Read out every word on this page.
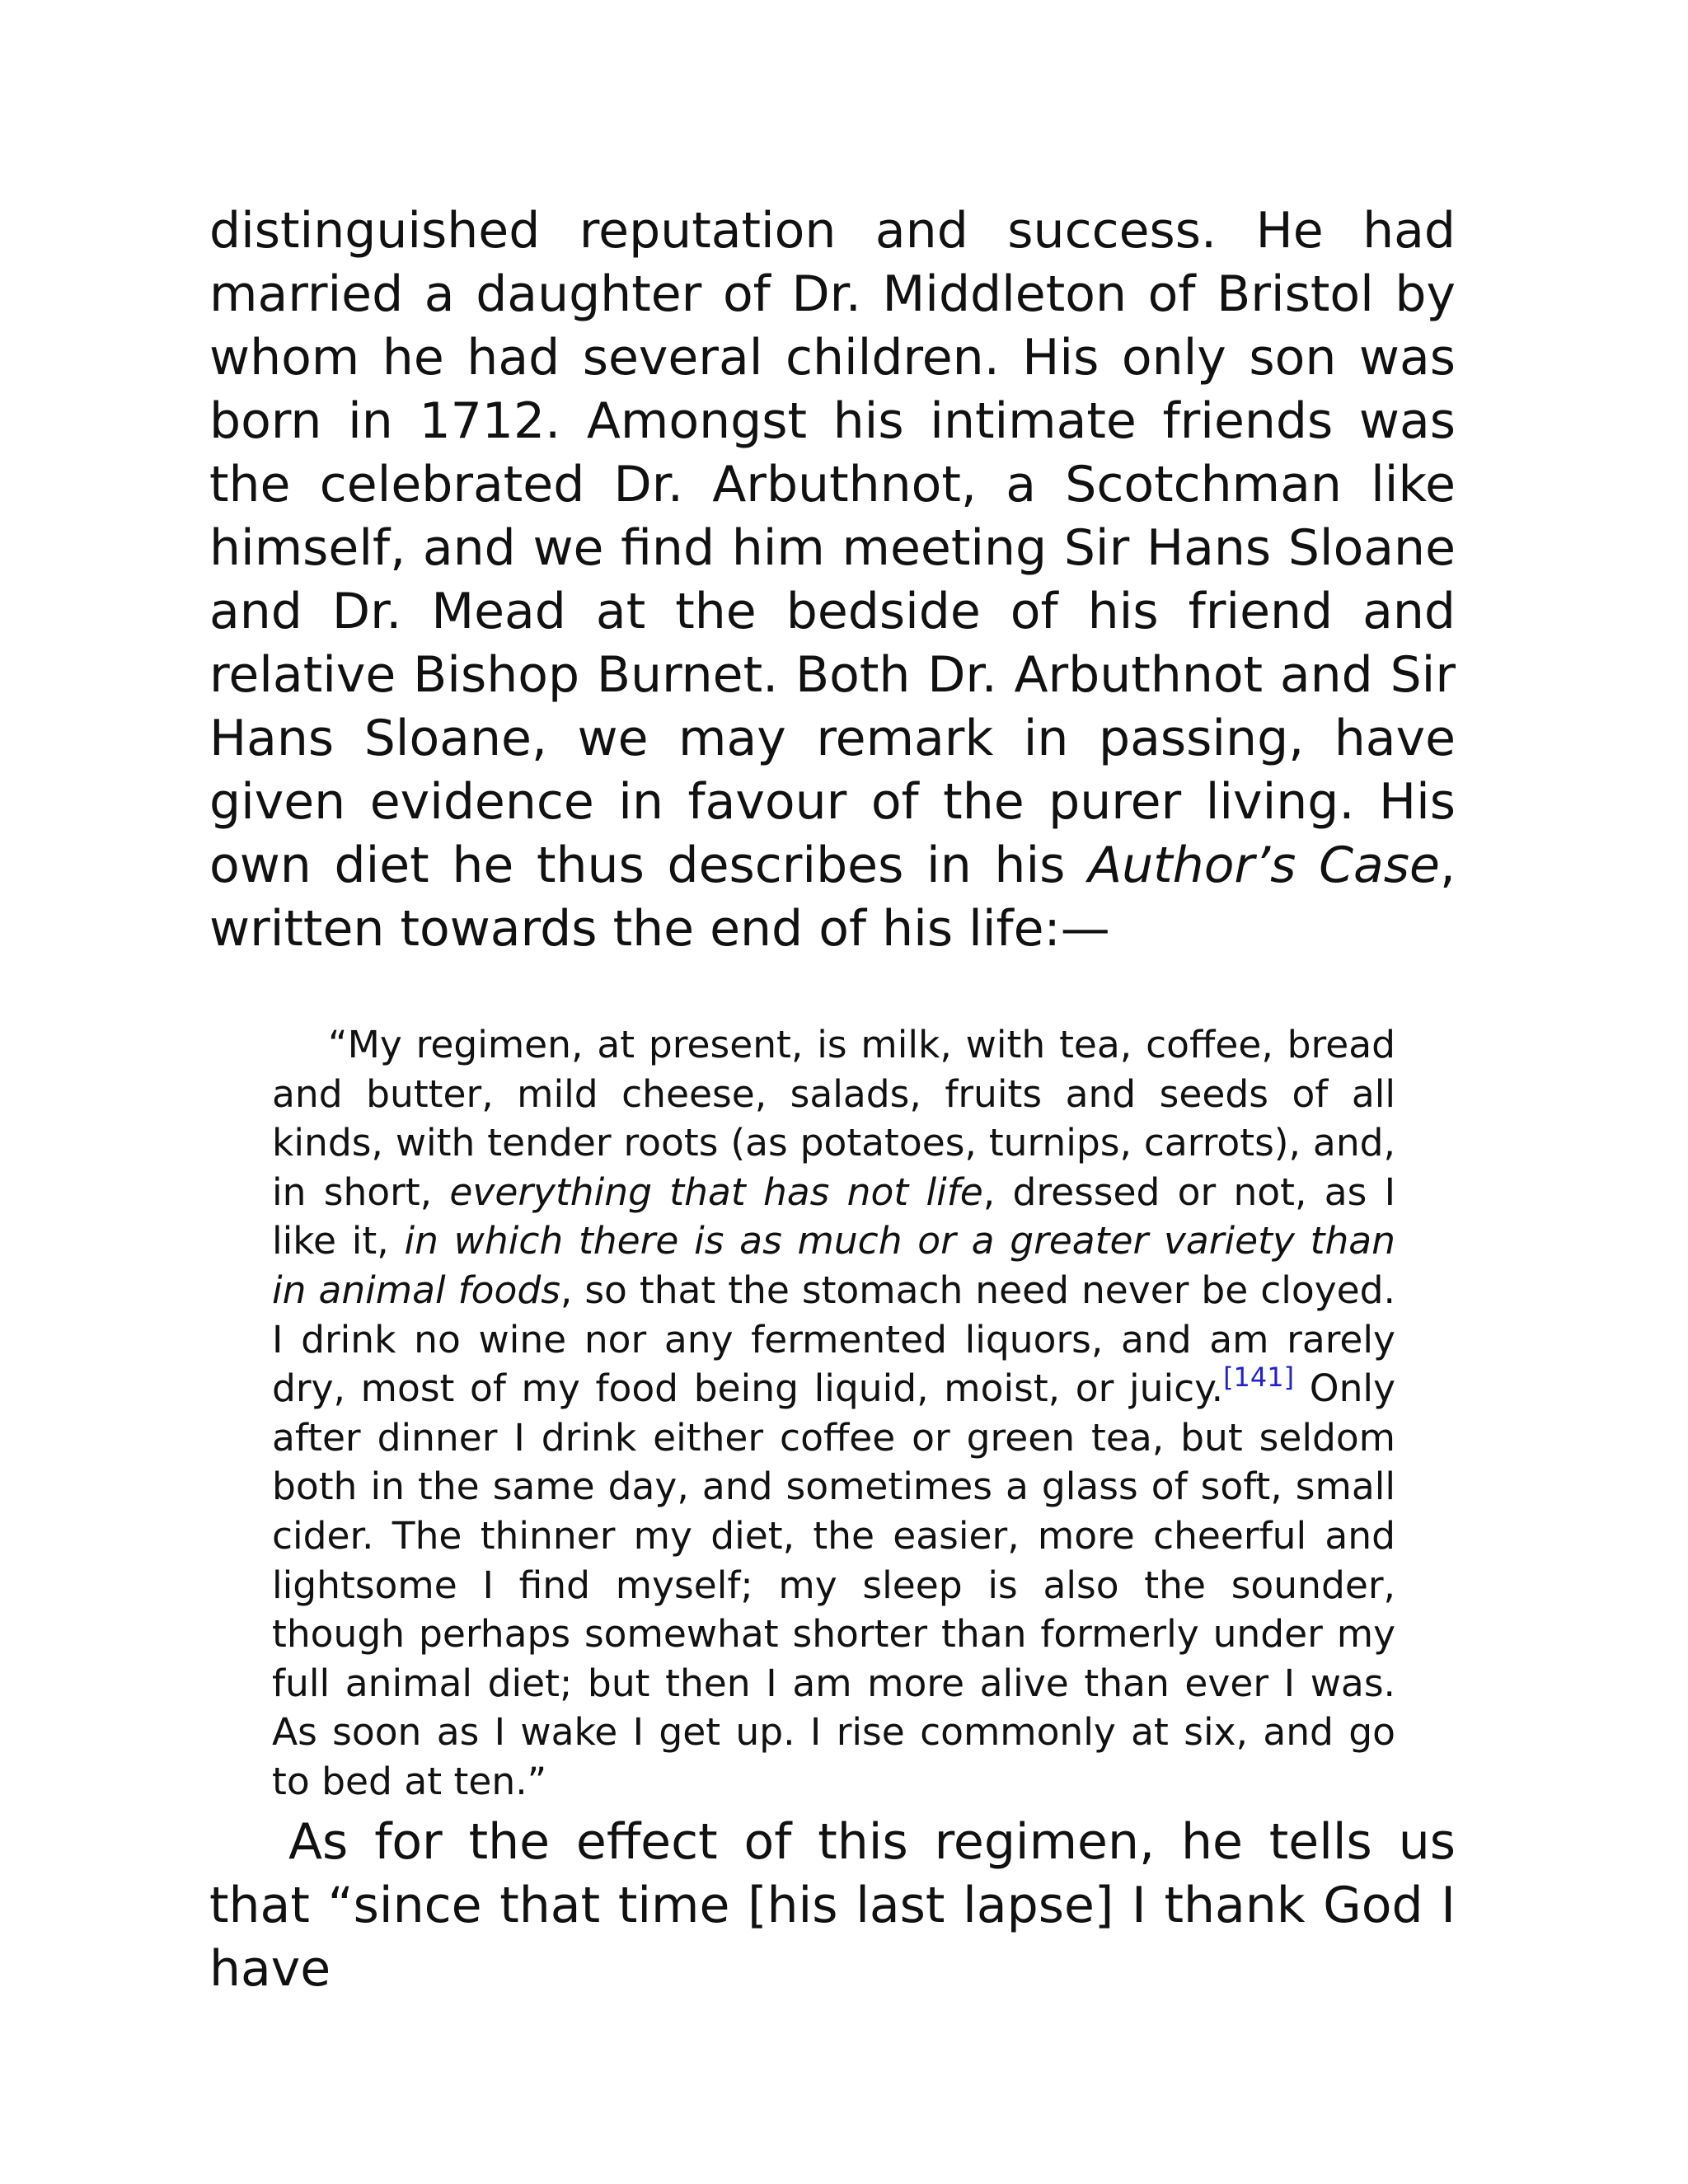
distinguished reputation and success. He had married a daughter of Dr. Middleton of Bristol by whom he had several children. His only son was born in 1712. Amongst his intimate friends was the celebrated Dr. Arbuthnot, a Scotchman like himself, and we find him meeting Sir Hans Sloane and Dr. Mead at the bedside of his friend and relative Bishop Burnet. Both Dr. Arbuthnot and Sir Hans Sloane, we may remark in passing, have given evidence in favour of the purer living. His own diet he thus describes in his Author’s Case, written towards the end of his life:—

“My regimen, at present, is milk, with tea, coffee, bread and butter, mild cheese, salads, fruits and seeds of all kinds, with tender roots (as potatoes, turnips, carrots), and, in short, everything that has not life, dressed or not, as I like it, in which there is as much or a greater variety than in animal foods, so that the stomach need never be cloyed. I drink no wine nor any fermented liquors, and am rarely dry, most of my food being liquid, moist, or juicy.[141] Only after dinner I drink either coffee or green tea, but seldom both in the same day, and sometimes a glass of soft, small cider. The thinner my diet, the easier, more cheerful and lightsome I find myself; my sleep is also the sounder, though perhaps somewhat shorter than formerly under my full animal diet; but then I am more alive than ever I was. As soon as I wake I get up. I rise commonly at six, and go to bed at ten.”

As for the effect of this regimen, he tells us that “since that time [his last lapse] I thank God I have
